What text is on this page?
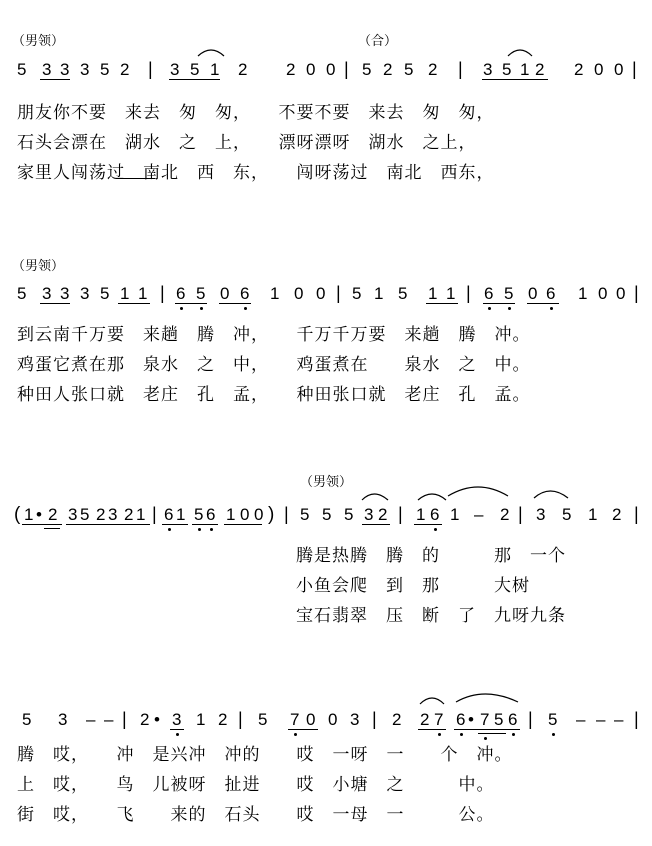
（男领）	（合）
（男领）
（男领）
5 3 3 3 5 2 | 3 5 1 2 2 0 0 | 5 2 5 2 | 3 5 1 2 2 0 0 |
朋友你不要　来去　匆　匆，　　不要不要　来去　匆　匆，
石头会漂在　湖水　之　上，　　漂呀漂呀　湖水　之上，
家里人闯荡过　南北　西　东，　　闯呀荡过　南北　西东，
5 3 3 3 5 1 1 | 6 5 0 6 1 0 0 | 5 1 5 1 1 | 6 5 0 6 1 0 0 |
到云南千万要　来趟　腾　冲，　　千万千万要　来趟　腾　冲。
鸡蛋它煮在那　泉水　之　中，　　鸡蛋煮在　　泉水　之　中。
种田人张口就　老庄　孔　孟，　　种田张口就　老庄　孔　孟。
( 1 • 2 3 5 2 3 2 1 | 6 1 5 6 1 0 0 ) | 5 5 5 3 2 | 1 6 1 – 2 | 3 5 1 2 |
腾是热腾　腾　的　　　那　一个
小鱼会爬　到　那　　　大树
宝石翡翠　压　断　了　九呀九条
5 3 – – | 2 • 3 1 2 | 5 7 0 0 3 | 2 2 7 6 • 7 5 6 | 5 – – – |
腾　哎，　　冲　是兴冲　冲的　　哎　一呀　一　　个　冲。
上　哎，　　鸟　儿被呀　扯进　　哎　小塘　之　　　中。
街　哎，　　飞　　来的　石头　　哎　一母　一　　　公。
